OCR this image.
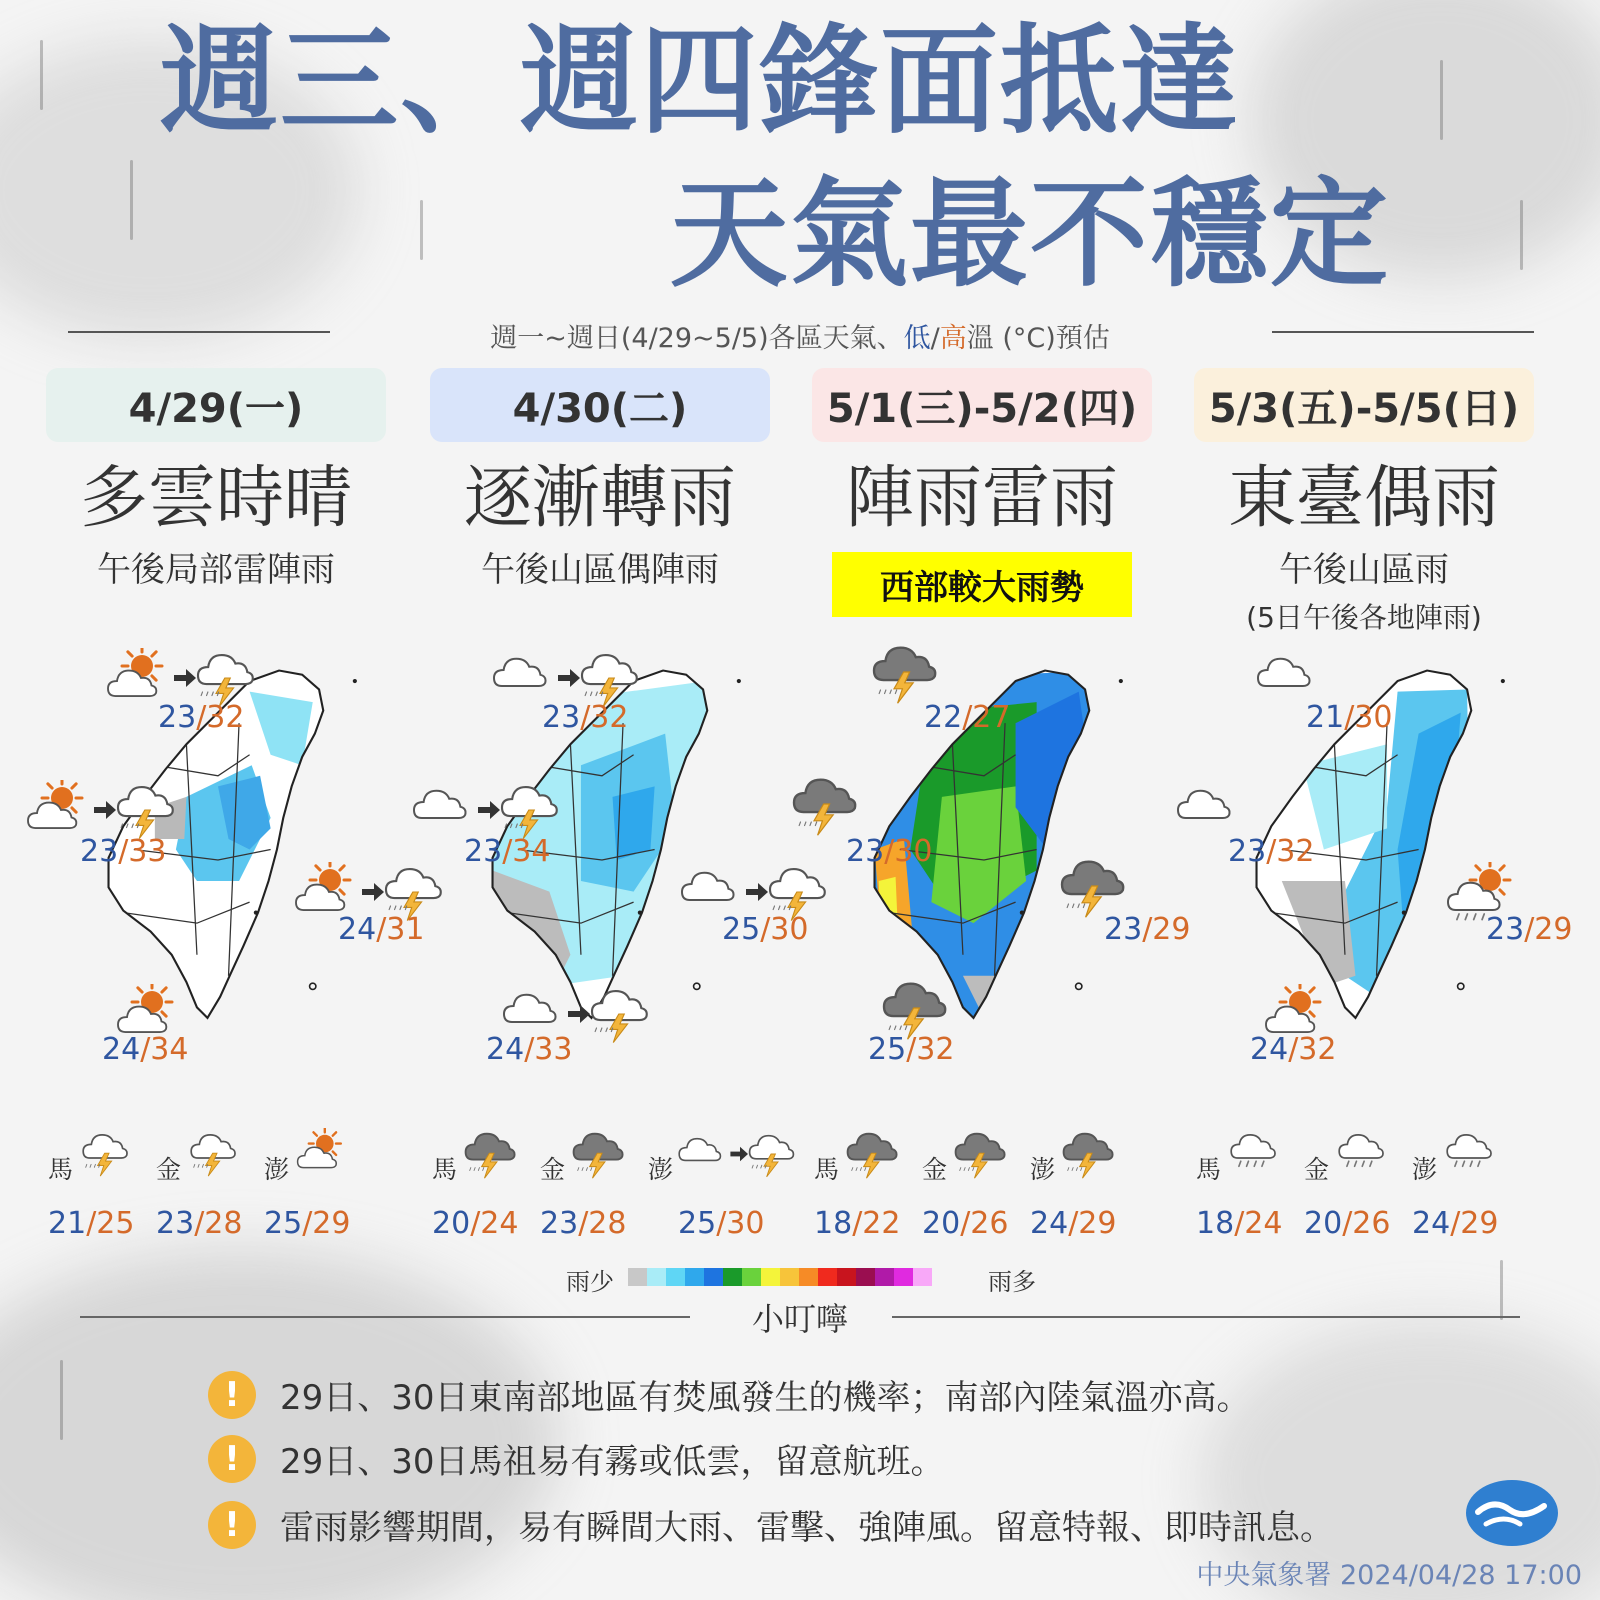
週三、週四鋒面抵達
天氣最不穩定
週一~週日(4/29~5/5)各區天氣、低/高溫 (°C)預估
4/29(一)
多雲時晴
午後局部雷陣雨
4/30(二)
逐漸轉雨
午後山區偶陣雨
5/1(三)-5/2(四)
陣雨雷雨
西部較大雨勢
5/3(五)-5/5(日)
東臺偶雨
午後山區雨
(5日午後各地陣雨)
雨少	雨多
小叮嚀
!	29日、30日東南部地區有焚風發生的機率；南部內陸氣溫亦高。
!	29日、30日馬祖易有霧或低雲，留意航班。
!	雷雨影響期間，易有瞬間大雨、雷擊、強陣風。留意特報、即時訊息。
中央氣象署 2024/04/28 17:00
23/32
23/33
24/31
24/34
馬
21/25
金
23/28
澎
25/29
23/32
23/34
25/30
24/33
馬
20/24
金
23/28
澎
25/30
22/27
23/30
23/29
25/32
馬
18/22
金
20/26
澎
24/29
21/30
23/32
23/29
24/32
馬
18/24
金
20/26
澎
24/29
